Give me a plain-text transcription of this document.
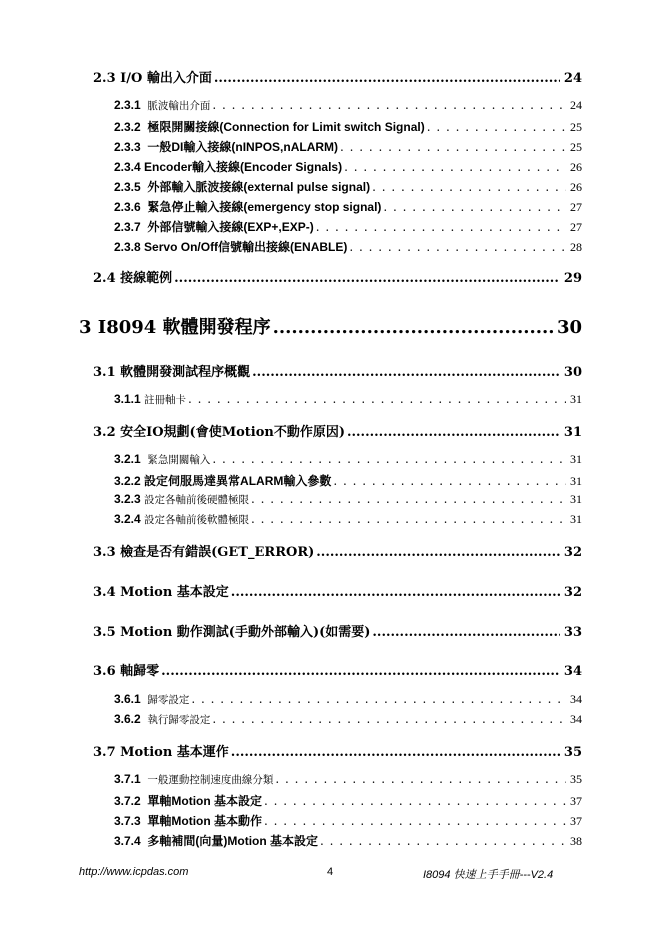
2.3 I/O 輸出入介面 .....	24
2.3.1 脈波輸出介面 . . .	24
2.3.2 極限開關接線(Connection for Limit switch Signal) . . .	25
2.3.3 一般DI輸入接線(nINPOS,nALARM) . . .	25
2.3.4 Encoder輸入接線(Encoder Signals) . . .	26
2.3.5 外部輸入脈波接線(external pulse signal) . . .	26
2.3.6 緊急停止輸入接線(emergency stop signal) . . .	27
2.3.7 外部信號輸入接線(EXP+,EXP-) . . .	27
2.3.8 Servo On/Off信號輸出接線(ENABLE) . . .	28
2.4 接線範例 .....	29
3 I8094 軟體開發程序 .....	30
3.1 軟體開發測試程序概觀 .....	30
3.1.1 註冊軸卡 . . .	31
3.2 安全IO規劃(會使Motion不動作原因) .....	31
3.2.1 緊急開關輸入 . . .	31
3.2.2 設定伺服馬達異常ALARM輸入參數 . . .	31
3.2.3 設定各軸前後硬體極限 . . .	31
3.2.4 設定各軸前後軟體極限 . . .	31
3.3 檢查是否有錯誤(GET_ERROR) .....	32
3.4 Motion 基本設定 .....	32
3.5 Motion 動作測試(手動外部輸入)(如需要) .....	33
3.6 軸歸零 .....	34
3.6.1 歸零設定 . . .	34
3.6.2 執行歸零設定 . . .	34
3.7 Motion 基本運作 .....	35
3.7.1 一般運動控制速度曲線分類 . . .	35
3.7.2 單軸Motion 基本設定 . . .	37
3.7.3 單軸Motion 基本動作 . . .	37
3.7.4 多軸補間(向量)Motion 基本設定 . . .	38
http://www.icpdas.com	4	I8094 快速上手手冊---V2.4
